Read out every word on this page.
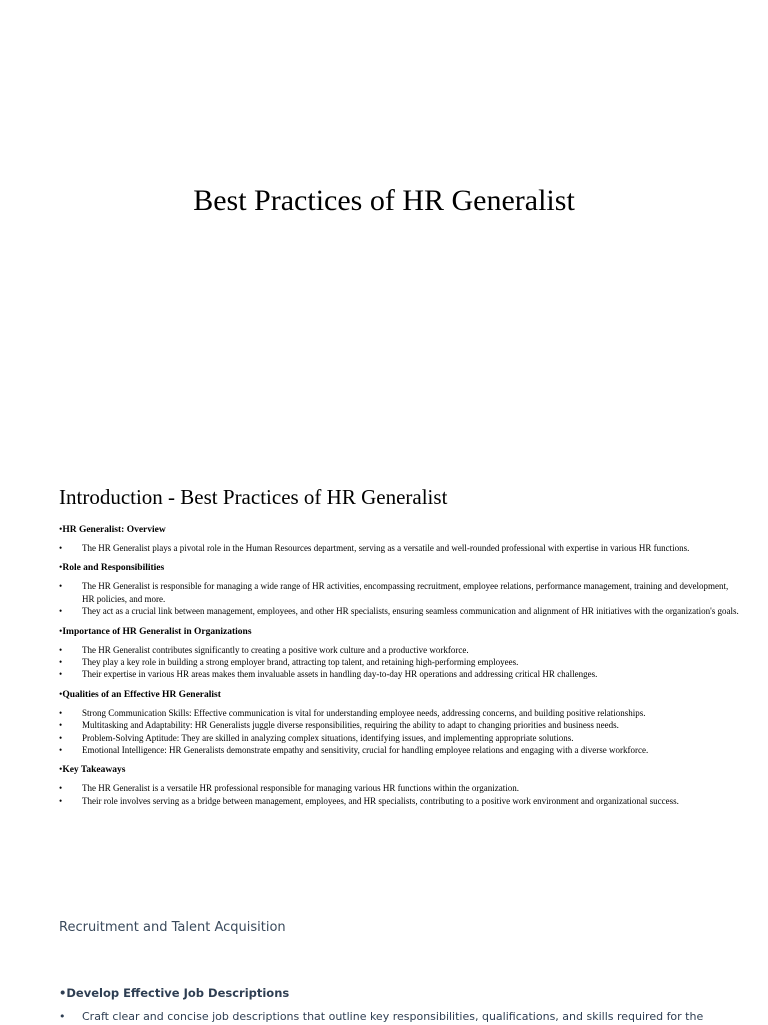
Best Practices of HR Generalist
Introduction - Best Practices of HR Generalist
•HR Generalist: Overview
• The HR Generalist plays a pivotal role in the Human Resources department, serving as a versatile and well-rounded professional with expertise in various HR functions.
•Role and Responsibilities
• The HR Generalist is responsible for managing a wide range of HR activities, encompassing recruitment, employee relations, performance management, training and development, HR policies, and more.
• They act as a crucial link between management, employees, and other HR specialists, ensuring seamless communication and alignment of HR initiatives with the organization's goals.
•Importance of HR Generalist in Organizations
• The HR Generalist contributes significantly to creating a positive work culture and a productive workforce.
• They play a key role in building a strong employer brand, attracting top talent, and retaining high-performing employees.
• Their expertise in various HR areas makes them invaluable assets in handling day-to-day HR operations and addressing critical HR challenges.
•Qualities of an Effective HR Generalist
• Strong Communication Skills: Effective communication is vital for understanding employee needs, addressing concerns, and building positive relationships.
• Multitasking and Adaptability: HR Generalists juggle diverse responsibilities, requiring the ability to adapt to changing priorities and business needs.
• Problem-Solving Aptitude: They are skilled in analyzing complex situations, identifying issues, and implementing appropriate solutions.
• Emotional Intelligence: HR Generalists demonstrate empathy and sensitivity, crucial for handling employee relations and engaging with a diverse workforce.
•Key Takeaways
• The HR Generalist is a versatile HR professional responsible for managing various HR functions within the organization.
• Their role involves serving as a bridge between management, employees, and HR specialists, contributing to a positive work environment and organizational success.
Recruitment and Talent Acquisition
•Develop Effective Job Descriptions
• Craft clear and concise job descriptions that outline key responsibilities, qualifications, and skills required for the
